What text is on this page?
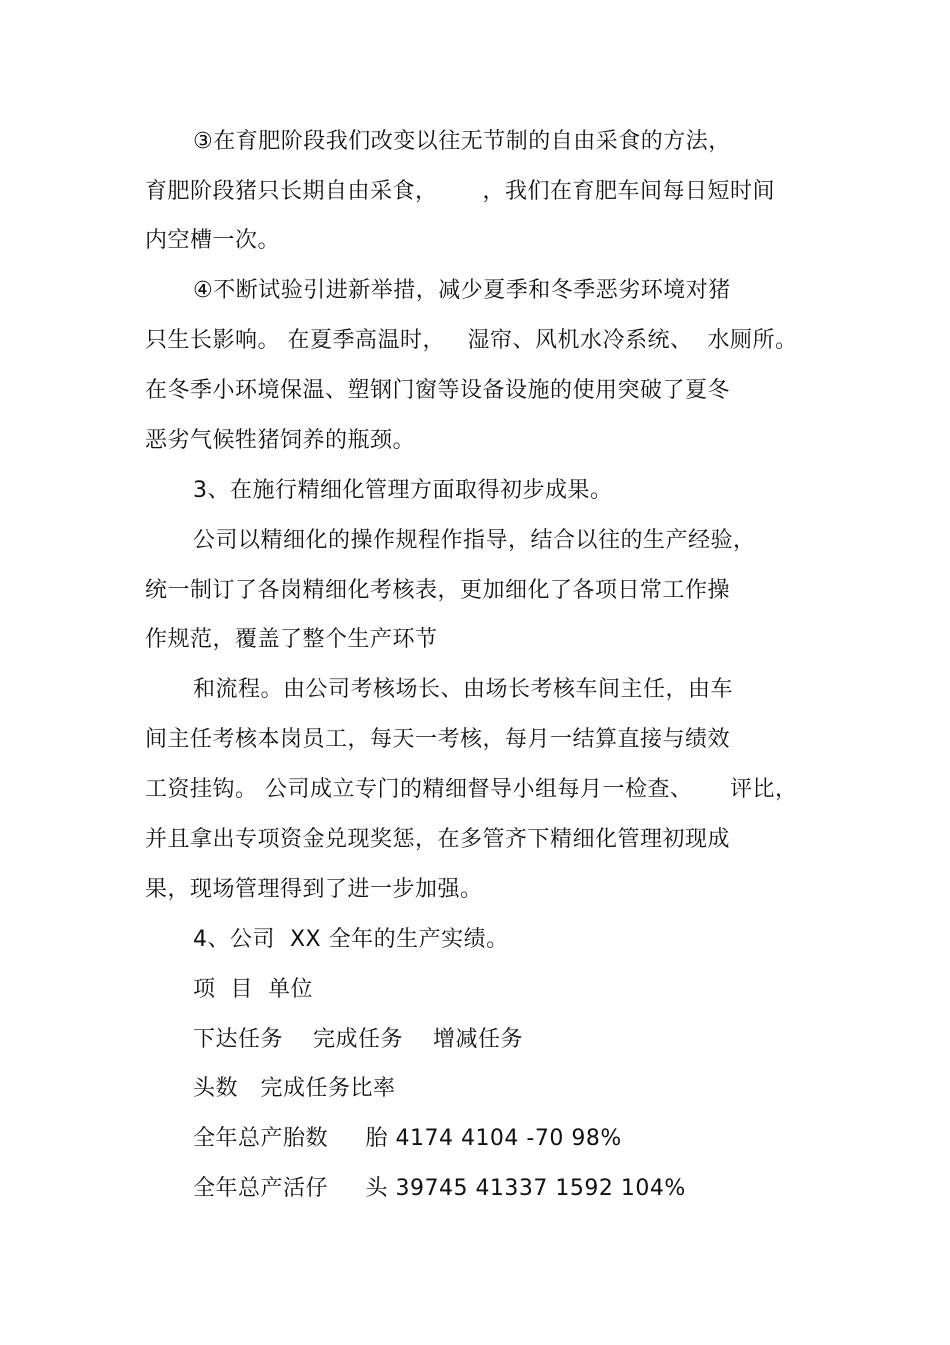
③在育肥阶段我们改变以往无节制的自由采食的方法，
育肥阶段猪只长期自由采食，      ，我们在育肥车间每日短时间
内空槽一次。
④不断试验引进新举措，减少夏季和冬季恶劣环境对猪
只生长影响。 在夏季高温时，   湿帘、风机水冷系统、  水厕所。
在冬季小环境保温、塑钢门窗等设备设施的使用突破了夏冬
恶劣气候牲猪饲养的瓶颈。
3、在施行精细化管理方面取得初步成果。
公司以精细化的操作规程作指导，结合以往的生产经验，
统一制订了各岗精细化考核表，更加细化了各项日常工作操
作规范，覆盖了整个生产环节
和流程。由公司考核场长、由场长考核车间主任，由车
间主任考核本岗员工，每天一考核，每月一结算直接与绩效
工资挂钩。 公司成立专门的精细督导小组每月一检查、     评比，
并且拿出专项资金兑现奖惩，在多管齐下精细化管理初现成
果，现场管理得到了进一步加强。
4、公司  XX 全年的生产实绩。
项  目  单位
下达任务    完成任务    增减任务
头数   完成任务比率
全年总产胎数     胎 4174 4104 -70 98%
全年总产活仔     头 39745 41337 1592 104%
